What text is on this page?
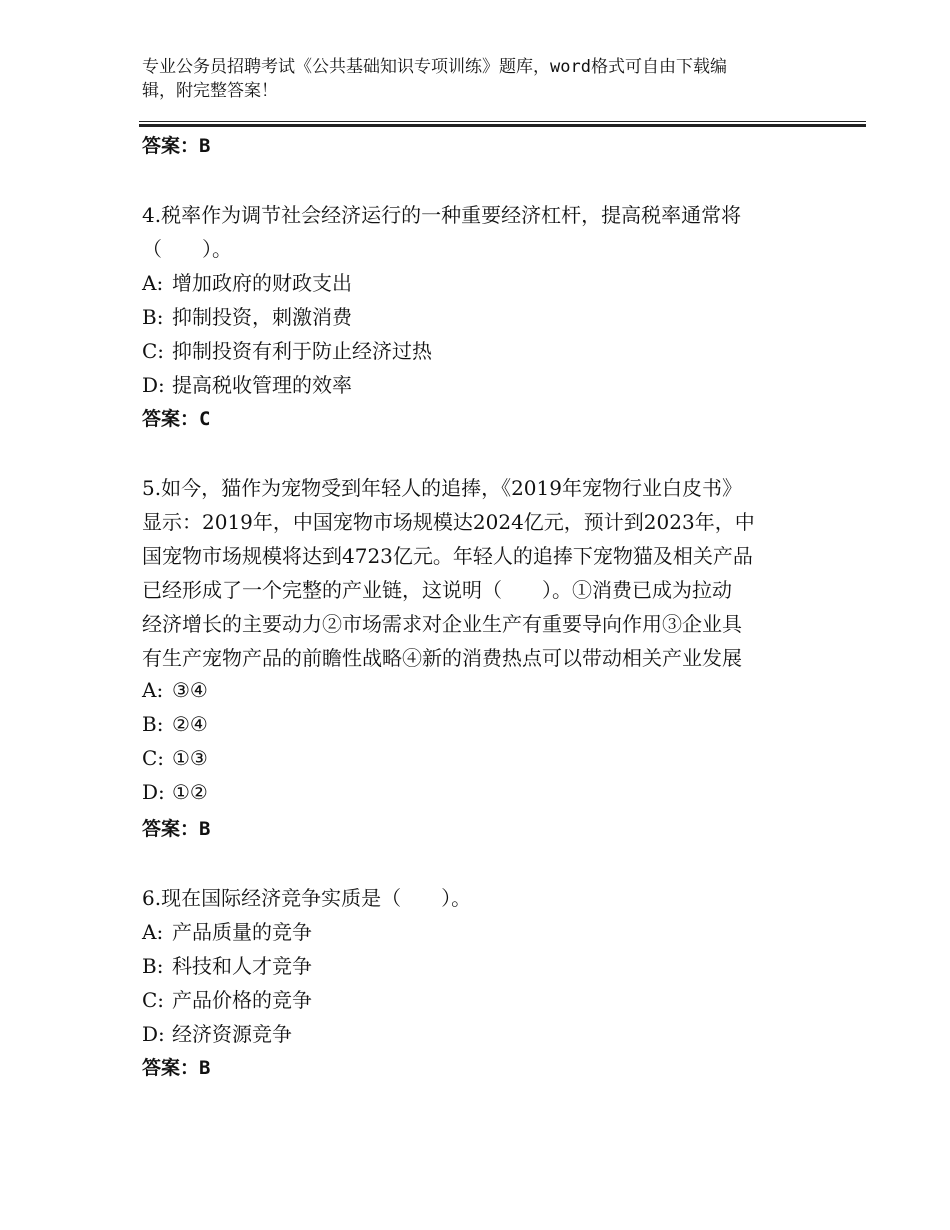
专业公务员招聘考试《公共基础知识专项训练》题库，word格式可自由下载编
辑，附完整答案！
答案：B
4.税率作为调节社会经济运行的一种重要经济杠杆，提高税率通常将
（　　）。
A: 增加政府的财政支出
B: 抑制投资，刺激消费
C: 抑制投资有利于防止经济过热
D: 提高税收管理的效率
答案：C
5.如今，猫作为宠物受到年轻人的追捧，《2019年宠物行业白皮书》
显示：2019年，中国宠物市场规模达2024亿元，预计到2023年，中
国宠物市场规模将达到4723亿元。年轻人的追捧下宠物猫及相关产品
已经形成了一个完整的产业链，这说明（　　）。①消费已成为拉动
经济增长的主要动力②市场需求对企业生产有重要导向作用③企业具
有生产宠物产品的前瞻性战略④新的消费热点可以带动相关产业发展
A: ③④
B: ②④
C: ①③
D: ①②
答案：B
6.现在国际经济竞争实质是（　　）。
A: 产品质量的竞争
B: 科技和人才竞争
C: 产品价格的竞争
D: 经济资源竞争
答案：B
